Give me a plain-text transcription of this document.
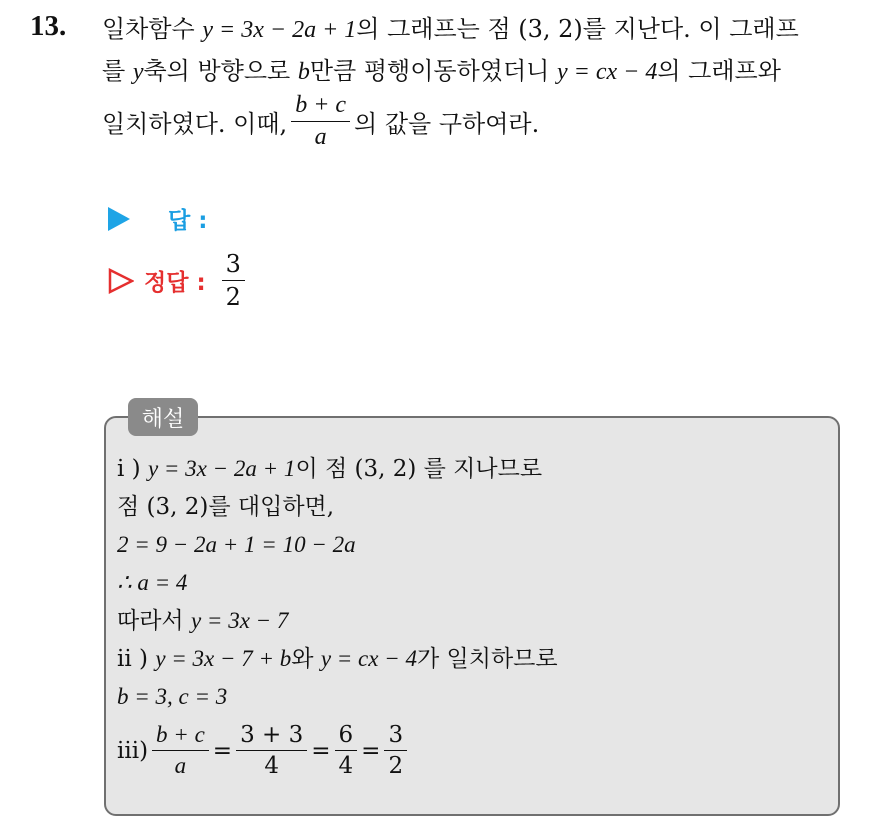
13. 일차함수 y = 3x − 2a + 1의 그래프는 점 (3, 2)를 지난다. 이 그래프
를 y축의 방향으로 b만큼 평행이동하였더니 y = cx − 4의 그래프와
일치하였다. 이때, $\frac{b + c}{a}$ 의 값을 구하여라.
답 :
정답 : $\frac{3}{2}$
해설
i ) y = 3x − 2a + 1이 점 (3, 2) 를 지나므로
점 (3, 2)를 대입하면,
2 = 9 − 2a + 1 = 10 − 2a
∴ a = 4
따라서 y = 3x − 7
ii ) y = 3x − 7 + b와 y = cx − 4가 일치하므로
b = 3, c = 3
$iii) \frac{b + c}{a} = \frac{3 + 3}{4} = \frac{6}{4} = \frac{3}{2}$
